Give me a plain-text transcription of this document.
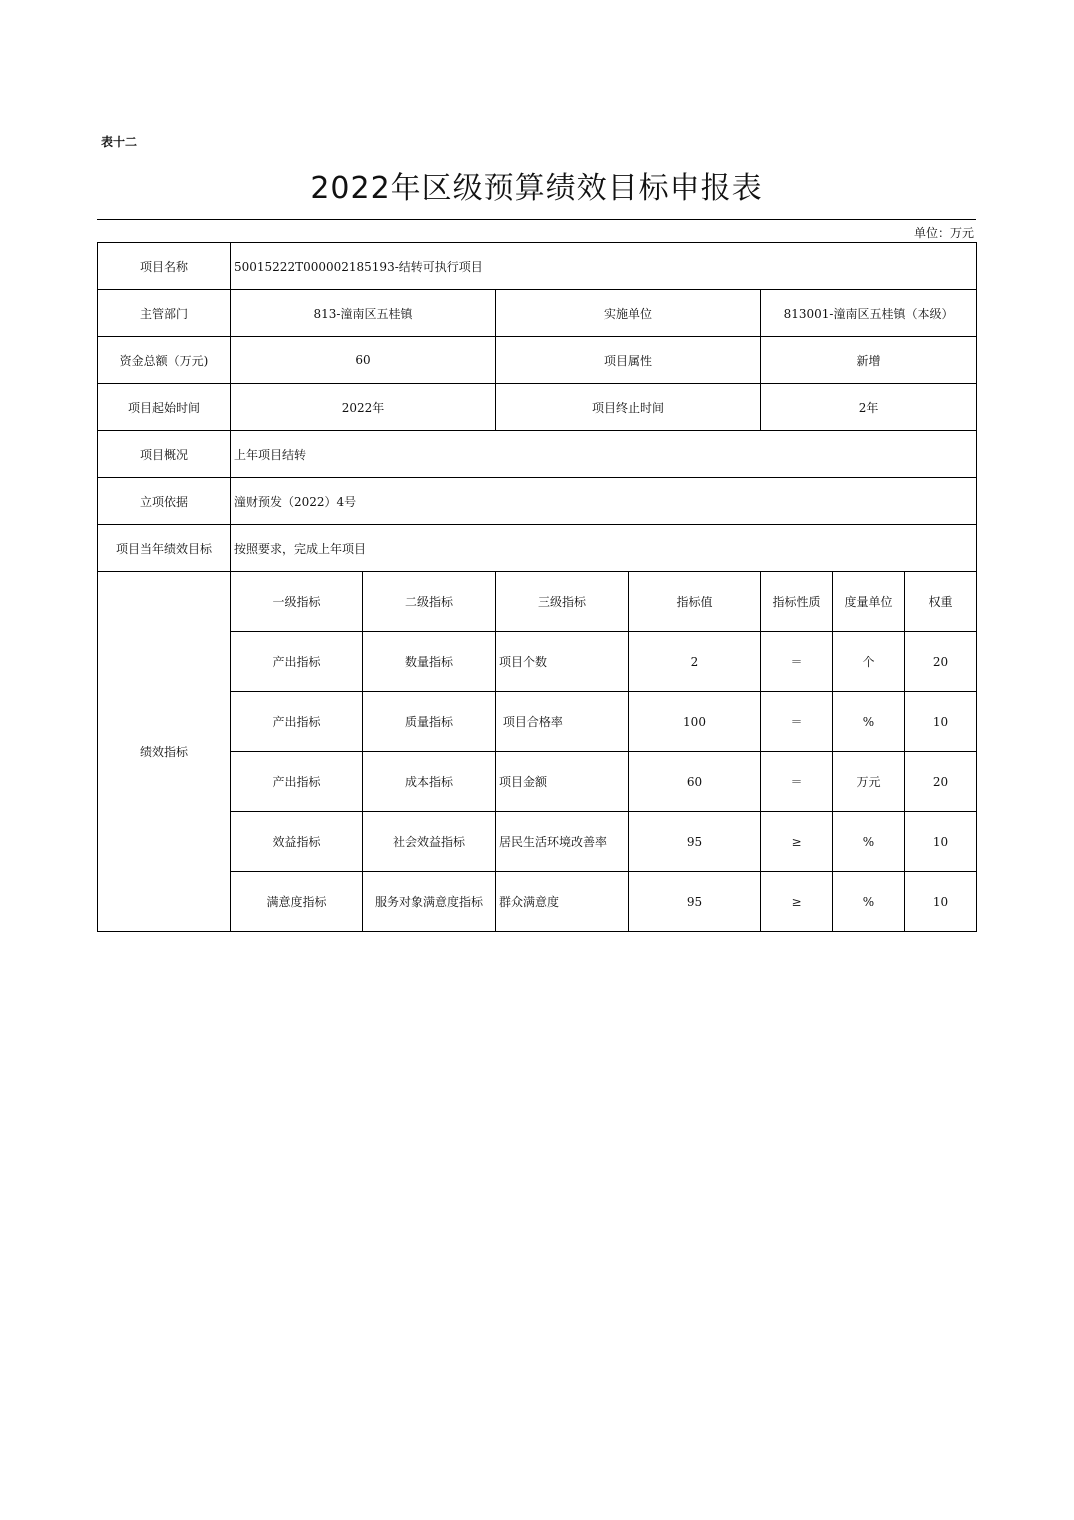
表十二
2022年区级预算绩效目标申报表
单位：万元
项目名称	50015222T000002185193-结转可执行项目						
主管部门	813-潼南区五桂镇		实施单位		813001-潼南区五桂镇（本级）		
资金总额（万元)	60		项目属性		新增		
项目起始时间	2022年		项目终止时间		2年		
项目概况	上年项目结转						
立项依据	潼财预发（2022）4号						
项目当年绩效目标	按照要求，完成上年项目						
绩效指标	一级指标	二级指标	三级指标	指标值	指标性质	度量单位	权重
	产出指标	数量指标	项目个数	2	＝	个	20
	产出指标	质量指标	项目合格率	100	＝	%	10
	产出指标	成本指标	项目金额	60	＝	万元	20
	效益指标	社会效益指标	居民生活环境改善率	95	≥	%	10
	满意度指标	服务对象满意度指标	群众满意度	95	≥	%	10
